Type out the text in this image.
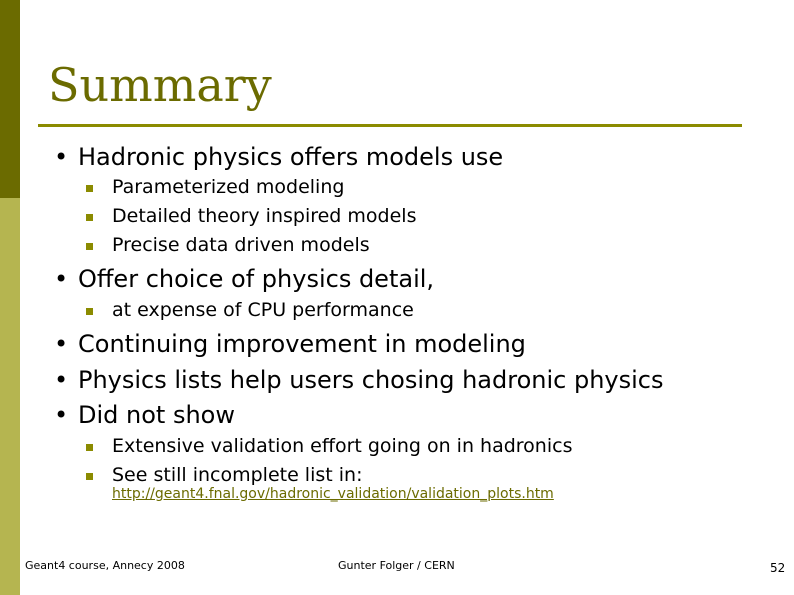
Summary
• Hadronic physics offers models use
Parameterized modeling
Detailed theory inspired models
Precise data driven models
• Offer choice of physics detail,
at expense of CPU performance
• Continuing improvement in modeling
• Physics lists help users chosing hadronic physics
• Did not show
Extensive validation effort going on in hadronics
See still incomplete list in:
http://geant4.fnal.gov/hadronic_validation/validation_plots.htm
Geant4 course, Annecy 2008	Gunter Folger / CERN	52
